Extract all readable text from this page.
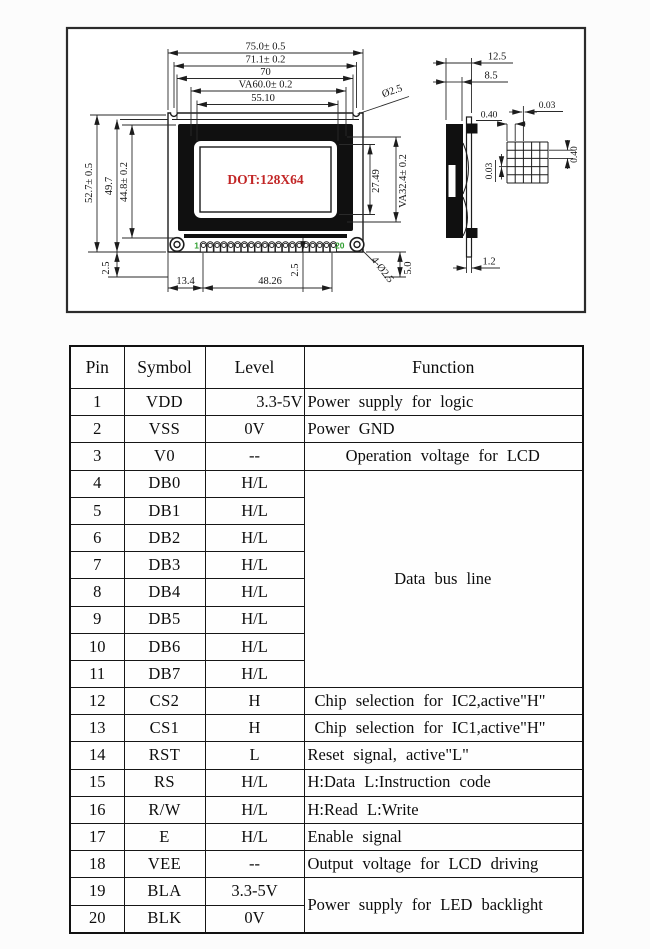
DOT:128X64
1	20
75.0± 0.5
71.1± 0.2
70
VA60.0± 0.2
55.10	Ø2.5
52.7± 0.5 49.7 44.8± 0.2
2.5
27.49 VA32.4± 0.2
5.0
4-Ø2.5
13.4	48.26
2.5
12.5
8.5
1.2
0.03
0.40
0.40
0.03
Pin	Symbol	Level	Function
1	VDD	3.3-5V	Power supply for logic
2	VSS	0V	Power GND
3	V0	--	Operation voltage for LCD
4	DB0	H/L	Data bus line
5	DB1	H/L	
6	DB2	H/L	
7	DB3	H/L	
8	DB4	H/L	
9	DB5	H/L	
10	DB6	H/L	
11	DB7	H/L	
12	CS2	H	Chip selection for IC2,active"H"
13	CS1	H	Chip selection for IC1,active"H"
14	RST	L	Reset signal, active"L"
15	RS	H/L	H:Data L:Instruction code
16	R/W	H/L	H:Read L:Write
17	E	H/L	Enable signal
18	VEE	--	Output voltage for LCD driving
19	BLA	3.3-5V	Power supply for LED backlight
20	BLK	0V	
